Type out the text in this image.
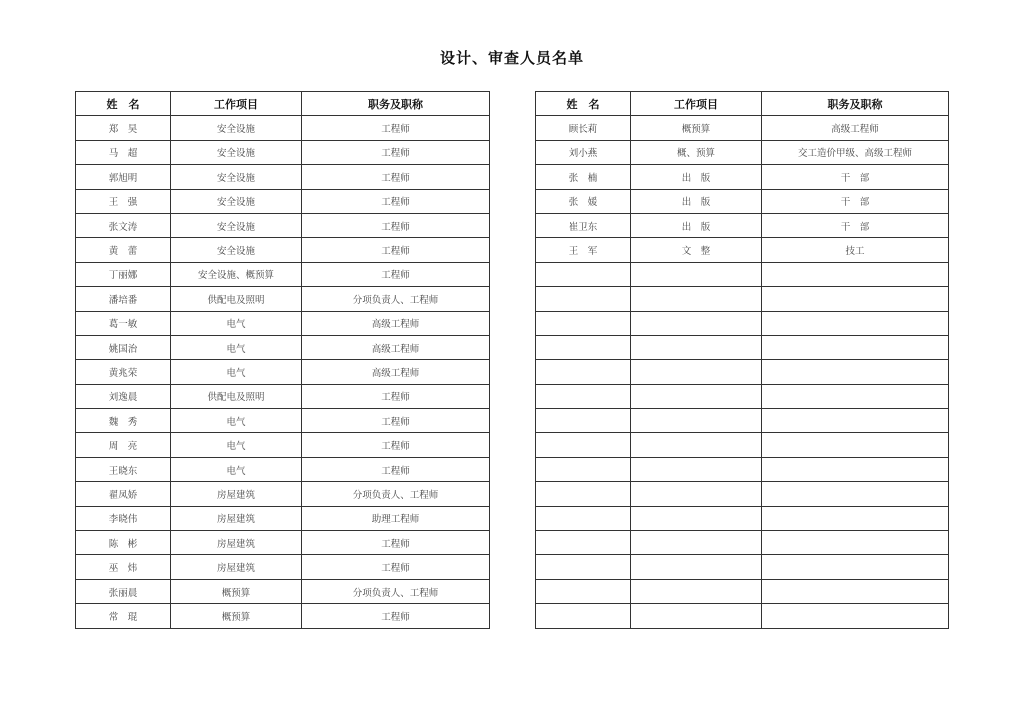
设计、审查人员名单
姓　名	工作项目	职务及职称
郑　昊	安全设施	工程师
马　超	安全设施	工程师
郭旭明	安全设施	工程师
王　强	安全设施	工程师
张文涛	安全设施	工程师
黄　蕾	安全设施	工程师
丁丽娜	安全设施、概预算	工程师
潘培番	供配电及照明	分项负责人、工程师
葛一敏	电气	高级工程师
姚国治	电气	高级工程师
黄兆荣	电气	高级工程师
刘逸晨	供配电及照明	工程师
魏　秀	电气	工程师
周　亮	电气	工程师
王晓东	电气	工程师
翟凤娇	房屋建筑	分项负责人、工程师
李晓伟	房屋建筑	助理工程师
陈　彬	房屋建筑	工程师
巫　炜	房屋建筑	工程师
张丽晨	概预算	分项负责人、工程师
常　琨	概预算	工程师
姓　名	工作项目	职务及职称
顾长莉	概预算	高级工程师
刘小燕	概、预算	交工造价甲级、高级工程师
张　楠	出　版	干　部
张　媛	出　版	干　部
崔卫东	出　版	干　部
王　军	文　整	技工
